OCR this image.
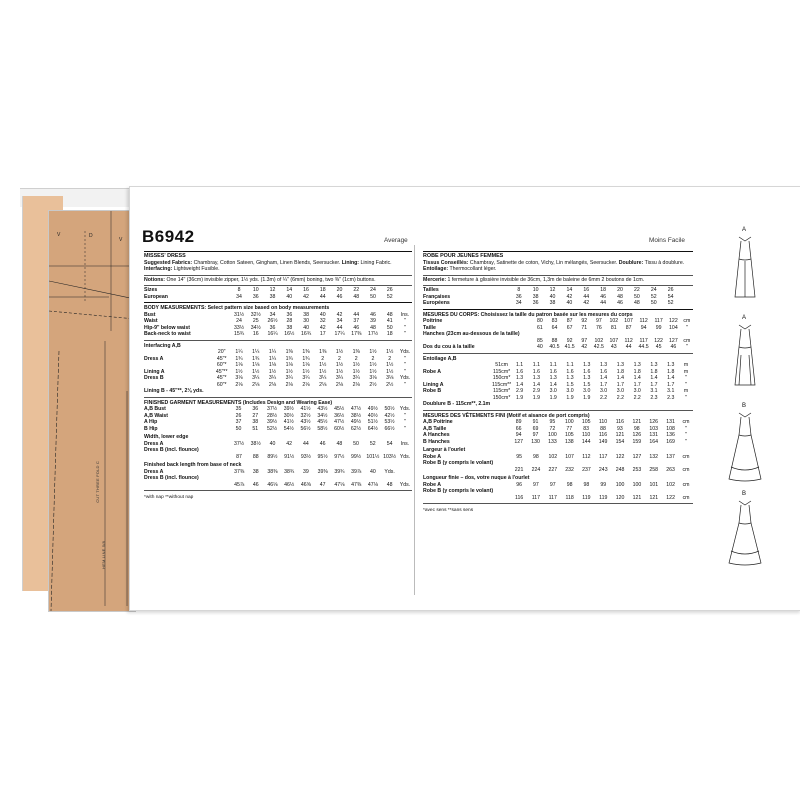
V	D
V
CUT THREE FOLD C
HEM LINE 5/8
B6942	Average	Moins Facile
MISSES' DRESS

Suggested Fabrics: Chambray, Cotton Sateen, Gingham, Linen Blends, Seersucker. Lining: Lining Fabric.

Interfacing: Lightweight Fusible.

Notions: One 14" (36cm) invisible zipper, 1½ yds. (1.3m) of ¼" (6mm) boning, two ⅜" (1cm) buttons.

Sizes		8	10	12	14	16	18	20	22	24	26	
European		34	36	38	40	42	44	46	48	50	52	
BODY MEASUREMENTS: Select pattern size based on body measurements
Bust		31½	32½	34	36	38	40	42	44	46	48	Ins.
Waist		24	25	26½	28	30	32	34	37	39	41	"
Hip-9" below waist		33½	34½	36	38	40	42	44	46	48	50	"
Back-neck to waist		15¾	16	16¼	16½	16¾	17	17¼	17⅜	17½	18	"
Interfacing A,B
	20"	1¼	1¼	1¼	1⅜	1⅜	1⅜	1½	1⅜	1½	1½	Yds.
Dress A	45"*	1¾	1¾	1¼	1¾	1¾	2	2	2	2	2	"
	60"*	1⅛	1⅛	1⅛	1⅛	1⅛	1½	1½	1½	1½	1½	"
Lining A	45"**	1½	1½	1½	1½	1½	1½	1½	1½	1½	1½	"
Dress B	45"*	3⅛	3¼	3¼	3¼	3¼	3¼	3¼	3¼	3⅛	3⅛	Yds.
	60"*	2⅛	2⅛	2⅛	2⅛	2⅛	2⅛	2⅛	2⅛	2½	2½	"

Lining B - 45"**, 2⅛ yds.

FINISHED GARMENT MEASUREMENTS (Includes Design and Wearing Ease)
A,B Bust		35	36	37½	39½	41½	43½	45½	47½	49½	50½	Yds.
A,B Waist		26	27	28½	30½	32½	34½	36½	38½	40½	42½	"
A Hip		37	38	39½	41½	43½	45½	47½	49½	51½	53½	"
B Hip		50	51	52½	54½	56½	58½	60½	62½	64½	66½	"
Width, lower edge
Dress A		37½	38½	40	42	44	46	48	50	52	54	Ins.
Dress B (incl. flounce)												
		87	88	89½	91½	93½	95½	97½	99½	101½	103½	Yds.
Finished back length from base of neck
Dress A		37⅜	38	38⅜	38¾	39	39⅜	39¾	39⅞	40	Yds.	
Dress B (incl. flounce)												
		45⅞	46	46⅛	46½	46⅝	47	47⅛	47⅜	47⅛	48	Yds.

*with nap **without nap

ROBE POUR JEUNES FEMMES

Tissus Conseillés: Chambray, Satinette de coton, Vichy, Lin mélangés, Seersucker. Doublure: Tissu à doublure. Entoilage: Thermocollant léger.

Mercerie: 1 fermeture à glissière invisible de 36cm, 1,3m de baleine de 6mm 2 boutons de 1cm.

Tailles		8	10	12	14	16	18	20	22	24	26	
Françaises		36	38	40	42	44	46	48	50	52	54	
Européens		34	36	38	40	42	44	46	48	50	52	
MESURES DU CORPS: Choisissez la taille du patron basée sur les mesures du corps
Poitrine		80	83	87	92	97	102	107	112	117	122	cm
Taille		61	64	67	71	76	81	87	94	99	104	"
Hanches (23cm au-dessous de la taille)												
		85	88	92	97	102	107	112	117	122	127	cm
Dos du cou à la taille		40	40.5	41.5	42	42.5	43	44	44.5	45	46	"
Entoilage A,B
	51cm	1.1	1.1	1.1	1.1	1.3	1.3	1.3	1.3	1.3	1.3	m
Robe A	115cm*	1.6	1.6	1.6	1.6	1.6	1.6	1.8	1.8	1.8	1.8	m
	150cm*	1.3	1.3	1.3	1.3	1.3	1.4	1.4	1.4	1.4	1.4	"
Lining A	115cm**	1.4	1.4	1.4	1.5	1.5	1.7	1.7	1.7	1.7	1.7	"
Robe B	115cm*	2.9	2.9	3.0	3.0	3.0	3.0	3.0	3.0	3.1	3.1	m
	150cm*	1.9	1.9	1.9	1.9	1.9	2.2	2.2	2.2	2.3	2.3	"

Doublure B - 115cm**, 2.1m

MESURES DES VÊTEMENTS FINI (Motif et aisance de port compris)
A,B Poitrine		89	91	95	100	105	110	116	121	126	131	cm
A,B Taille		66	69	72	77	83	88	93	98	103	108	"
A Hanches		94	97	100	105	110	116	121	126	131	136	"
B Hanches		127	130	133	138	144	149	154	159	164	169	"
Largeur à l'ourlet
Robe A		95	98	102	107	112	117	122	127	132	137	cm
Robe B (y compris le volant)												
		221	224	227	232	237	243	248	253	258	263	cm
Longueur finie – dos, votre nuque à l'ourlet
Robe A		96	97	97	98	98	99	100	100	101	102	cm
Robe B (y compris le volant)												
		116	117	117	118	119	119	120	121	121	122	cm

*avec sens **sans sens

A
A
B
B
